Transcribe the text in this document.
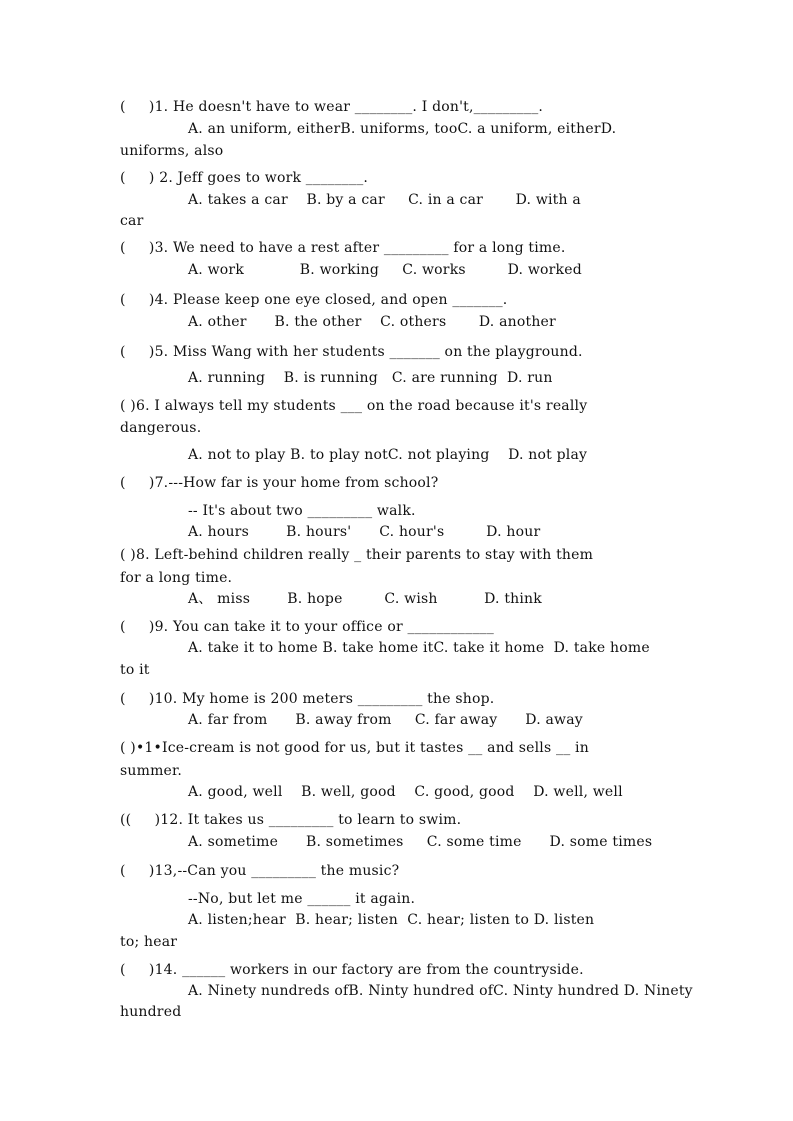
(     )1. He doesn't have to wear ________. I don't,_________.
A. an uniform, eitherB. uniforms, tooC. a uniform, eitherD.
uniforms, also
(     ) 2. Jeff goes to work ________.
A. takes a car    B. by a car     C. in a car       D. with a
car
(     )3. We need to have a rest after _________ for a long time.
A. work            B. working     C. works         D. worked
(     )4. Please keep one eye closed, and open _______.
A. other      B. the other    C. others       D. another
(     )5. Miss Wang with her students _______ on the playground.
A. running    B. is running   C. are running  D. run
( )6. I always tell my students ___ on the road because it's really
dangerous.
A. not to play B. to play notC. not playing    D. not play
(     )7.---How far is your home from school?
-- It's about two _________ walk.
A. hours        B. hours'      C. hour's         D. hour
( )8. Left-behind children really _ their parents to stay with them
for a long time.
A、 miss        B. hope         C. wish          D. think
(     )9. You can take it to your office or ____________
A. take it to home B. take home itC. take it home  D. take home
to it
(     )10. My home is 200 meters _________ the shop.
A. far from      B. away from     C. far away      D. away
( )•1•Ice-cream is not good for us, but it tastes __ and sells __ in
summer.
A. good, well    B. well, good    C. good, good    D. well, well
((     )12. It takes us _________ to learn to swim.
A. sometime      B. sometimes     C. some time      D. some times
(     )13,--Can you _________ the music?
--No, but let me ______ it again.
A. listen;hear  B. hear; listen  C. hear; listen to D. listen
to; hear
(     )14. ______ workers in our factory are from the countryside.
A. Ninety nundreds ofB. Ninty hundred ofC. Ninty hundred D. Ninety
hundred
